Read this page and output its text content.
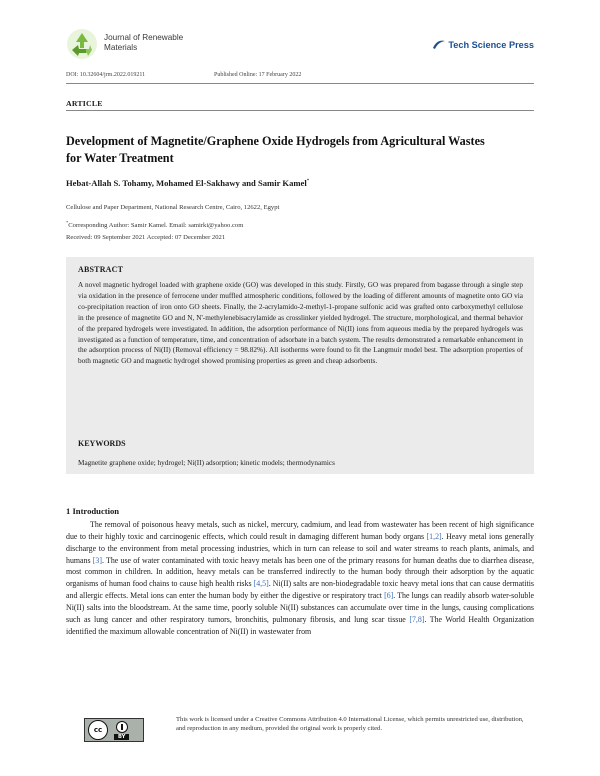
Journal of Renewable
Materials	Tech Science Press
DOI: 10.32604/jrm.2022.019211	Published Online: 17 February 2022
ARTICLE
Development of Magnetite/Graphene Oxide Hydrogels from Agricultural Wastes
for Water Treatment
Hebat-Allah S. Tohamy, Mohamed El-Sakhawy and Samir Kamel*
Cellulose and Paper Department, National Research Centre, Cairo, 12622, Egypt
*Corresponding Author: Samir Kamel. Email: samirki@yahoo.com
Received: 09 September 2021 Accepted: 07 December 2021
ABSTRACT
A novel magnetic hydrogel loaded with graphene oxide (GO) was developed in this study. Firstly, GO was prepared from bagasse through a single step via oxidation in the presence of ferrocene under muffled atmospheric conditions, followed by the loading of different amounts of magnetite onto GO via co-precipitation reaction of iron onto GO sheets. Finally, the 2-acrylamido-2-methyl-1-propane sulfonic acid was grafted onto carboxymethyl cellulose in the presence of magnetite GO and N, N'-methylenebisacrylamide as crosslinker yielded hydrogel. The structure, morphological, and thermal behavior of the prepared hydrogels were investigated. In addition, the adsorption performance of Ni(II) ions from aqueous media by the prepared hydrogels was investigated as a function of temperature, time, and concentration of adsorbate in a batch system. The results demonstrated a remarkable enhancement in the adsorption process of Ni(II) (Removal efficiency = 98.82%). All isotherms were found to fit the Langmuir model best. The adsorption properties of both magnetic GO and magnetic hydrogel showed promising properties as green and cheap adsorbents.
KEYWORDS
Magnetite graphene oxide; hydrogel; Ni(II) adsorption; kinetic models; thermodynamics
1 Introduction
The removal of poisonous heavy metals, such as nickel, mercury, cadmium, and lead from wastewater has been recent of high significance due to their highly toxic and carcinogenic effects, which could result in damaging different human body organs [1,2]. Heavy metal ions generally discharge to the environment from metal processing industries, which in turn can release to soil and water streams to reach plants, animals, and humans [3]. The use of water contaminated with toxic heavy metals has been one of the primary reasons for human deaths due to diarrhea disease, most common in children. In addition, heavy metals can be transferred indirectly to the human body through their adsorption by the aquatic organisms of human food chains to cause high health risks [4,5]. Ni(II) salts are non-biodegradable toxic heavy metal ions that can cause dermatitis and allergic effects. Metal ions can enter the human body by either the digestive or respiratory tract [6]. The lungs can readily absorb water-soluble Ni(II) salts into the bloodstream. At the same time, poorly soluble Ni(II) substances can accumulate over time in the lungs, causing complications such as lung cancer and other respiratory tumors, bronchitis, pulmonary fibrosis, and lung scar tissue [7,8]. The World Health Organization identified the maximum allowable concentration of Ni(II) in wastewater from
cc
BY
This work is licensed under a Creative Commons Attribution 4.0 International License, which permits unrestricted use, distribution, and reproduction in any medium, provided the original work is properly cited.
